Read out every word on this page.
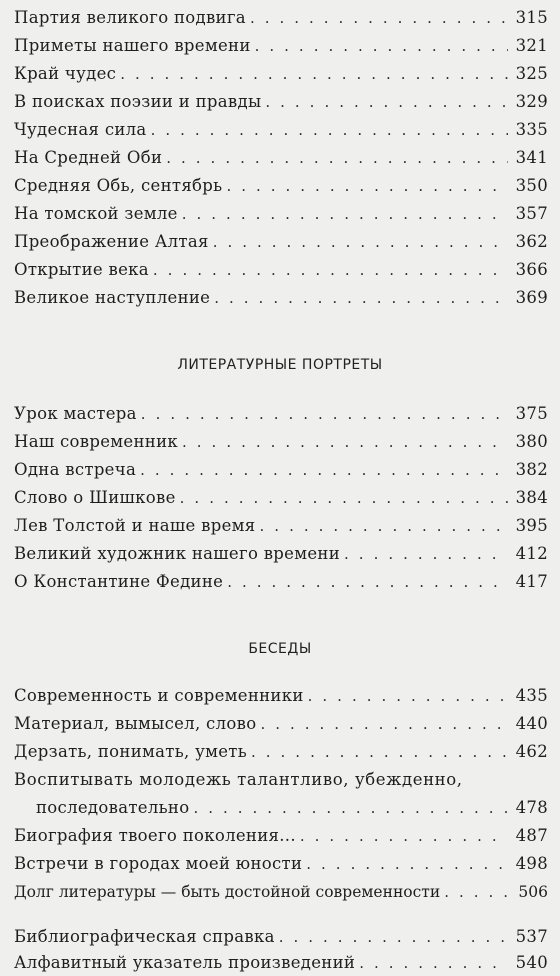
Партия великого подвига .....	315
Приметы нашего времени .....	321
Край чудес .....	325
В поисках поэзии и правды .....	329
Чудесная сила .....	335
На Средней Оби .....	341
Средняя Обь, сентябрь .....	350
На томской земле .....	357
Преображение Алтая .....	362
Открытие века .....	366
Великое наступление .....	369
ЛИТЕРАТУРНЫЕ ПОРТРЕТЫ
Урок мастера .....	375
Наш современник .....	380
Одна встреча .....	382
Слово о Шишкове .....	384
Лев Толстой и наше время .....	395
Великий художник нашего времени .....	412
О Константине Федине .....	417
БЕСЕДЫ
Современность и современники .....	435
Материал, вымысел, слово .....	440
Дерзать, понимать, уметь .....	462
Воспитывать молодежь талантливо, убежденно,
последовательно .....	478
Биография твоего поколения... .....	487
Встречи в городах моей юности .....	498
Долг литературы — быть достойной современности .....	506
Библиографическая справка .....	537
Алфавитный указатель произведений .....	540
